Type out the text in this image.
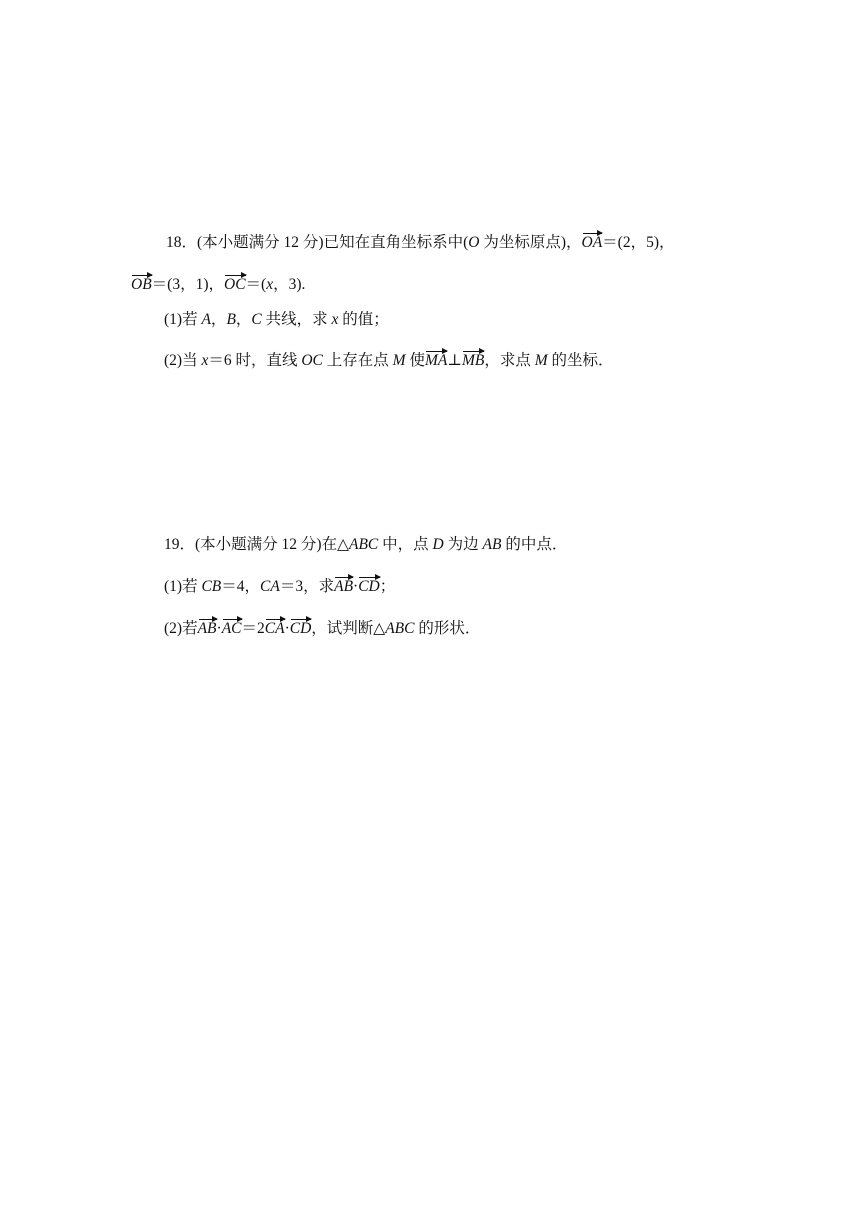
18．(本小题满分 12 分)已知在直角坐标系中(O 为坐标原点)，OA＝(2，5)，
OB＝(3，1)，OC＝(x，3).
(1)若 A，B，C 共线，求 x 的值；
(2)当 x＝6 时，直线 OC 上存在点 M 使MA⊥MB，求点 M 的坐标．
19．(本小题满分 12 分)在△ABC 中，点 D 为边 AB 的中点．
(1)若 CB＝4，CA＝3，求AB·CD；
(2)若AB·AC＝2CA·CD，试判断△ABC 的形状．
